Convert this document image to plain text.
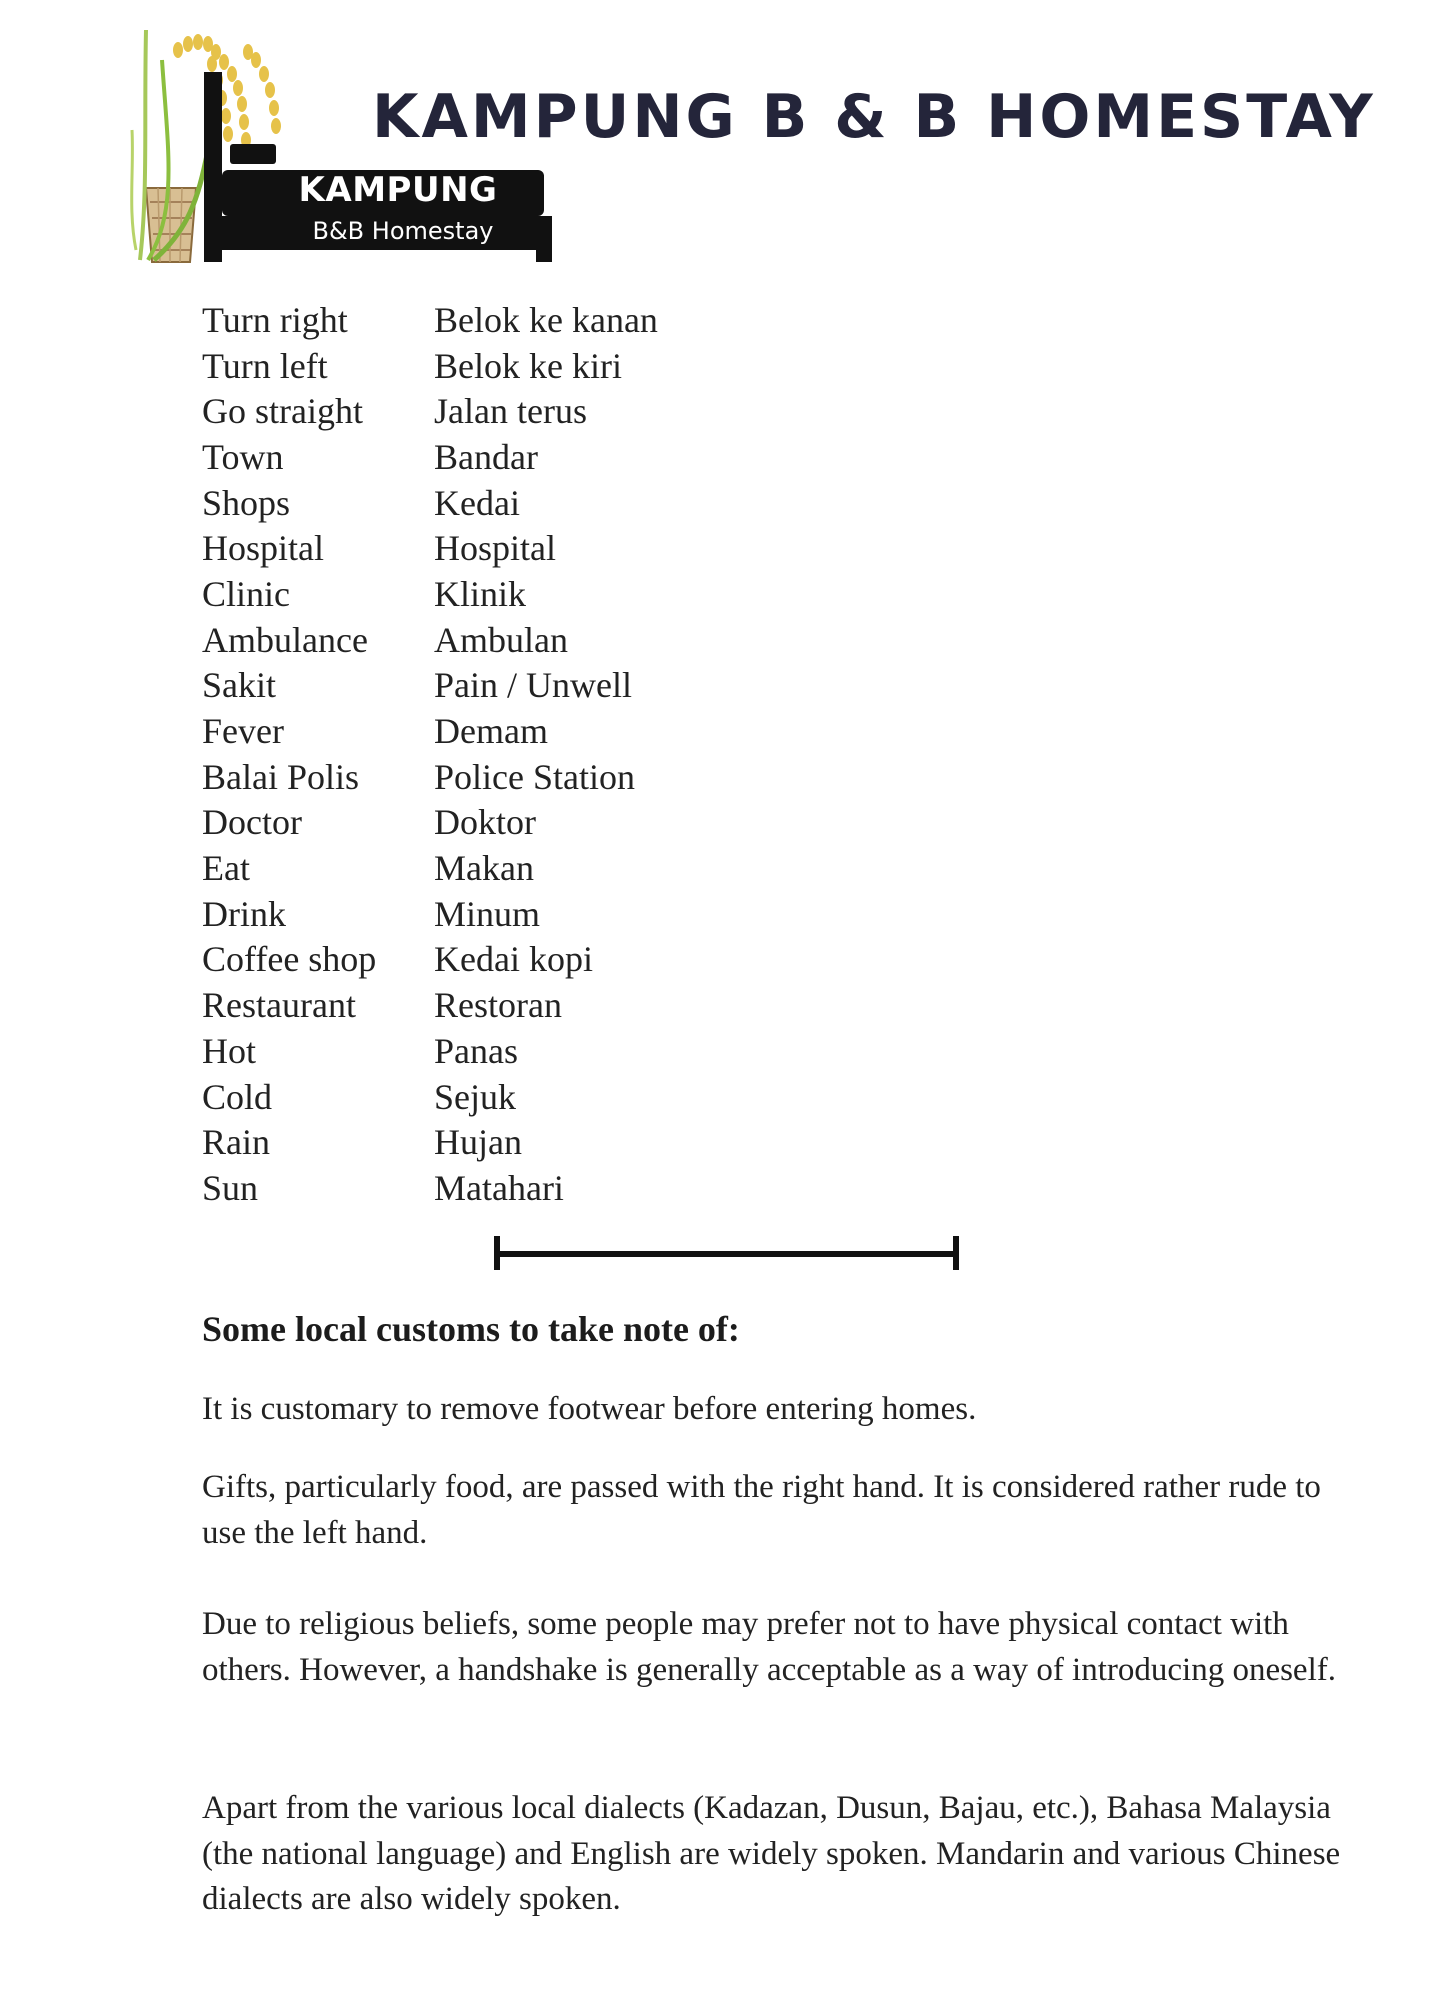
KAMPUNG
B&B Homestay
KAMPUNG B & B HOMESTAY
Turn right	Belok ke kanan
Turn left	Belok ke kiri
Go straight	Jalan terus
Town	Bandar
Shops	Kedai
Hospital	Hospital
Clinic	Klinik
Ambulance	Ambulan
Sakit	Pain / Unwell
Fever	Demam
Balai Polis	Police Station
Doctor	Doktor
Eat	Makan
Drink	Minum
Coffee shop	Kedai kopi
Restaurant	Restoran
Hot	Panas
Cold	Sejuk
Rain	Hujan
Sun	Matahari
Some local customs to take note of:

It is customary to remove footwear before entering homes.

Gifts, particularly food, are passed with the right hand. It is considered rather rude to use the left hand.

Due to religious beliefs, some people may prefer not to have physical contact with others. However, a handshake is generally acceptable as a way of introducing oneself.

Apart from the various local dialects (Kadazan, Dusun, Bajau, etc.), Bahasa Malaysia (the national language) and English are widely spoken. Mandarin and various Chinese dialects are also widely spoken.
